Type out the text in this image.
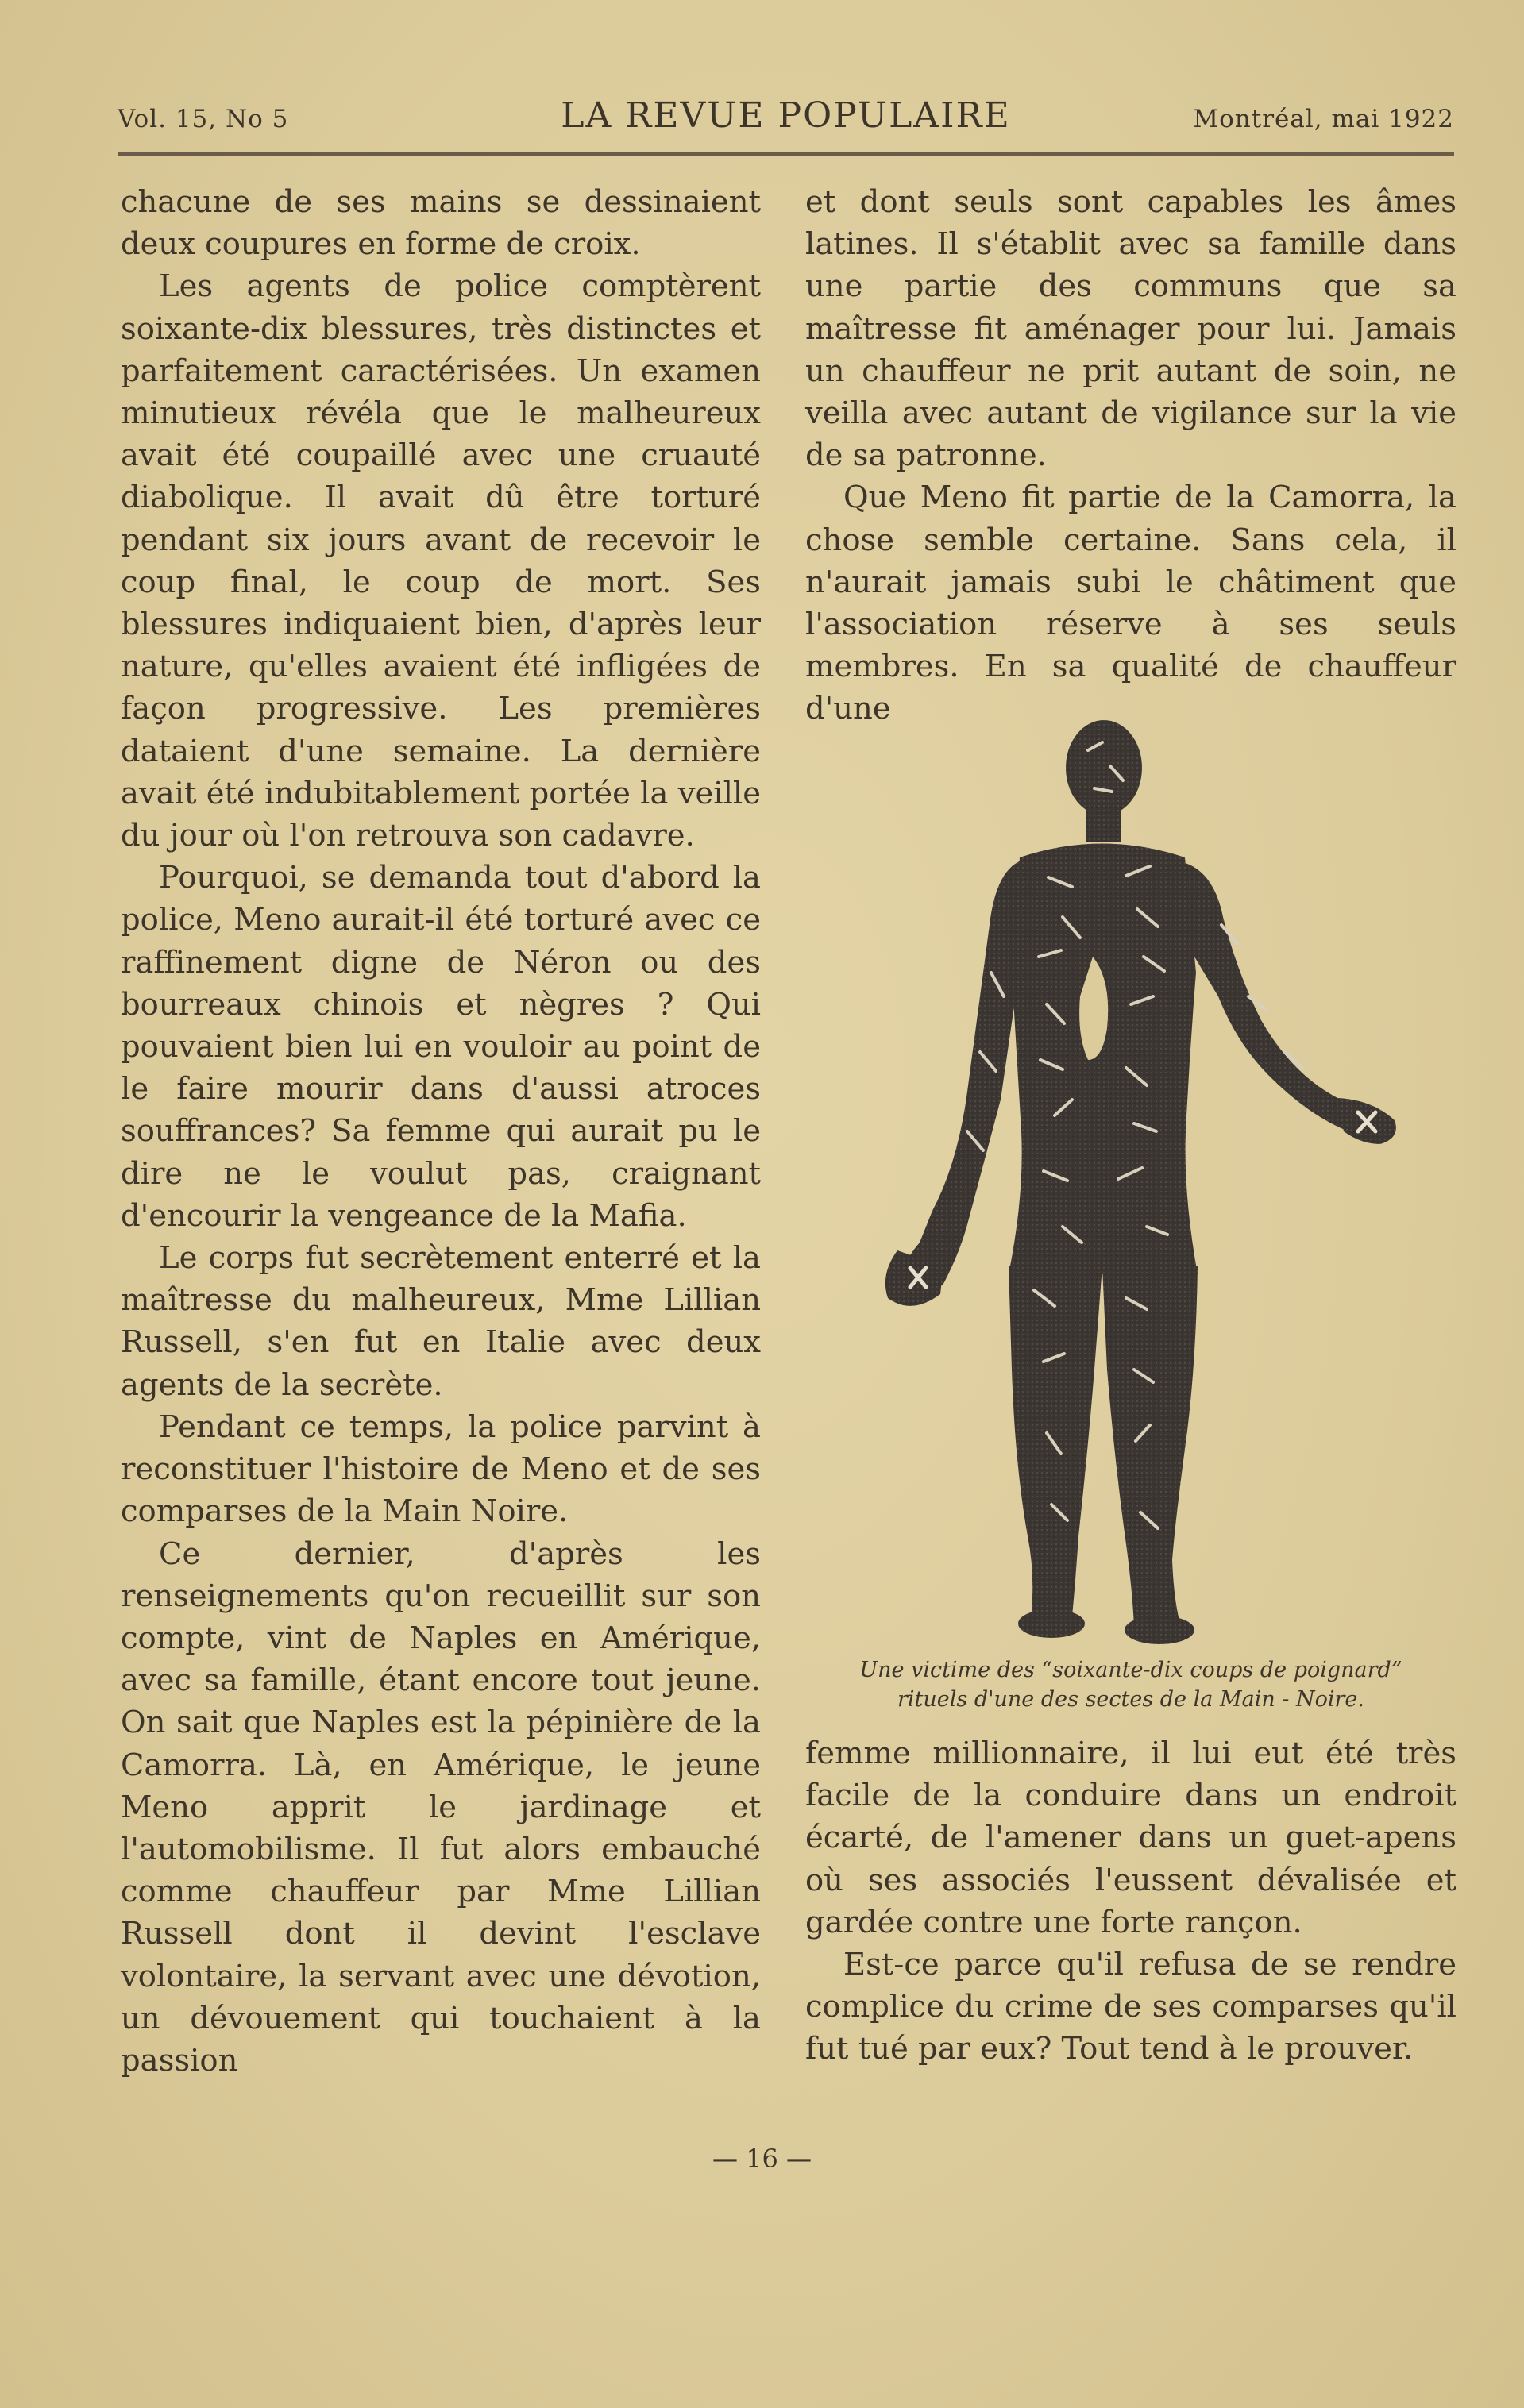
Vol. 15, No 5	LA REVUE POPULAIRE	Montréal, mai 1922

chacune de ses mains se dessinaient deux coupures en forme de croix.

Les agents de police comptèrent soixante-dix blessures, très distinctes et parfaitement caractérisées. Un examen minutieux révéla que le malheureux avait été coupaillé avec une cruauté diabolique. Il avait dû être torturé pendant six jours avant de recevoir le coup final, le coup de mort. Ses blessures indiquaient bien, d'après leur nature, qu'elles avaient été infligées de façon progressive. Les premières dataient d'une semaine. La dernière avait été indubitablement portée la veille du jour où l'on retrouva son cadavre.

Pourquoi, se demanda tout d'abord la police, Meno aurait-il été torturé avec ce raffinement digne de Néron ou des bourreaux chinois et nègres ? Qui pouvaient bien lui en vouloir au point de le faire mourir dans d'aussi atroces souffrances? Sa femme qui aurait pu le dire ne le voulut pas, craignant d'encourir la vengeance de la Mafia.

Le corps fut secrètement enterré et la maîtresse du malheureux, Mme Lillian Russell, s'en fut en Italie avec deux agents de la secrète.

Pendant ce temps, la police parvint à reconstituer l'histoire de Meno et de ses comparses de la Main Noire.

Ce dernier, d'après les renseignements qu'on recueillit sur son compte, vint de Naples en Amérique, avec sa famille, étant encore tout jeune. On sait que Naples est la pépinière de la Camorra. Là, en Amérique, le jeune Meno apprit le jardinage et l'automobilisme. Il fut alors embauché comme chauffeur par Mme Lillian Russell dont il devint l'esclave volontaire, la servant avec une dévotion, un dévouement qui touchaient à la passion

et dont seuls sont capables les âmes latines. Il s'établit avec sa famille dans une partie des communs que sa maîtresse fit aménager pour lui. Jamais un chauffeur ne prit autant de soin, ne veilla avec autant de vigilance sur la vie de sa patronne.

Que Meno fit partie de la Camorra, la chose semble certaine. Sans cela, il n'aurait jamais subi le châtiment que l'association réserve à ses seuls membres. En sa qualité de chauffeur d'une

Une victime des “soixante-dix coups de poignard”
rituels d'une des sectes de la Main - Noire.

femme millionnaire, il lui eut été très facile de la conduire dans un endroit écarté, de l'amener dans un guet-apens où ses associés l'eussent dévalisée et gardée contre une forte rançon.

Est-ce parce qu'il refusa de se rendre complice du crime de ses comparses qu'il fut tué par eux? Tout tend à le prouver.

— 16 —
